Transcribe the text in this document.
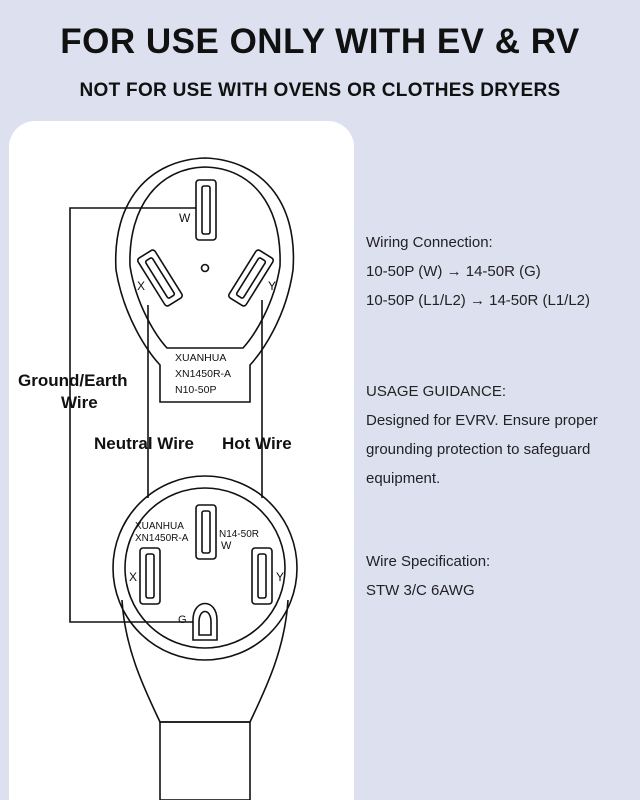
FOR USE ONLY WITH EV & RV
NOT FOR USE WITH OVENS OR CLOTHES DRYERS
W
X	Y
XUANHUA
XN1450R-A
N10-50P
Ground/Earth
Wire
Neutral Wire Hot Wire
XUANHUA
XN1450R-A	N14-50R
W
X	Y
G
Wiring Connection:
10-50P (W) → 14-50R (G)
10-50P (L1/L2) → 14-50R (L1/L2)
USAGE GUIDANCE:
Designed for EVRV. Ensure proper
grounding protection to safeguard
equipment.
Wire Specification:
STW 3/C 6AWG
